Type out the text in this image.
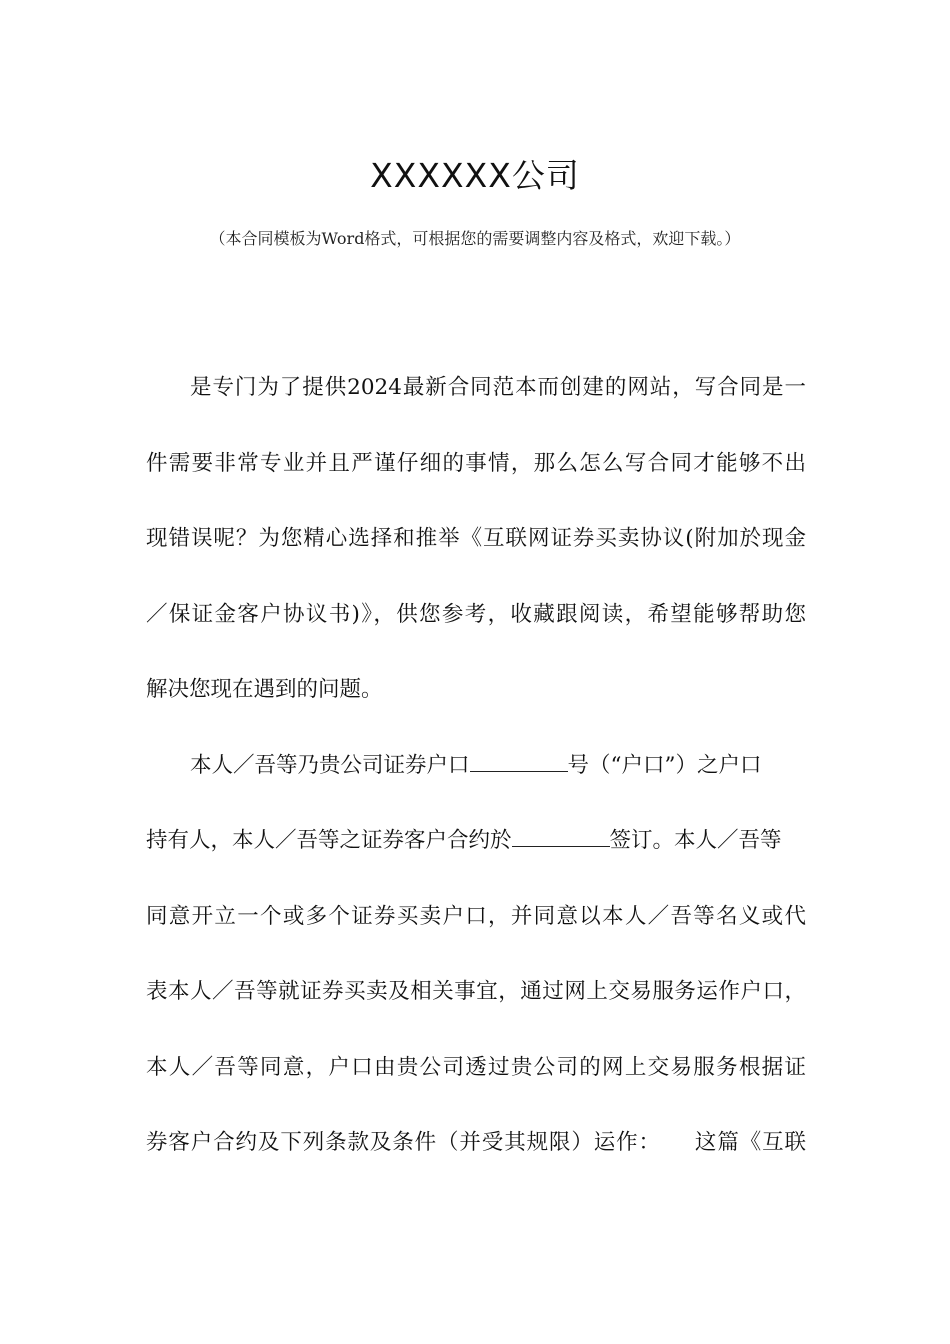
XXXXXX公司
（本合同模板为Word格式，可根据您的需要调整内容及格式，欢迎下载。）
是专门为了提供2024最新合同范本而创建的网站，写合同是一
件需要非常专业并且严谨仔细的事情，那么怎么写合同才能够不出
现错误呢？为您精心选择和推举《互联网证券买卖协议(附加於现金
／保证金客户协议书)》，供您参考，收藏跟阅读，希望能够帮助您
解决您现在遇到的问题。
本人／吾等乃贵公司证券户口	号（“户口”）之户口
持有人，本人／吾等之证券客户合约於	签订。本人／吾等
同意开立一个或多个证券买卖户口，并同意以本人／吾等名义或代
表本人／吾等就证券买卖及相关事宜，通过网上交易服务运作户口，
本人／吾等同意，户口由贵公司透过贵公司的网上交易服务根据证
券客户合约及下列条款及条件（并受其规限）运作：　　这篇《互联
